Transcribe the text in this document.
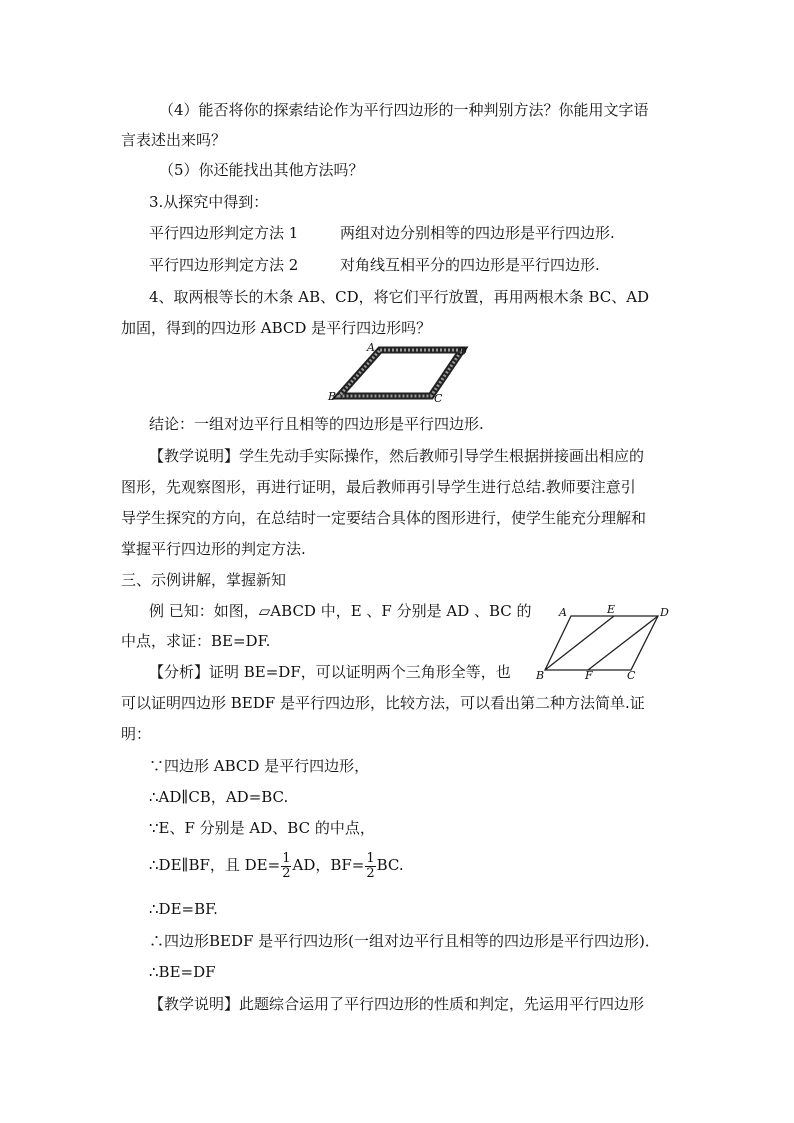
（4）能否将你的探索结论作为平行四边形的一种判别方法？你能用文字语
言表述出来吗？
（5）你还能找出其他方法吗？
3.从探究中得到：
平行四边形判定方法 1	两组对边分别相等的四边形是平行四边形.
平行四边形判定方法 2	对角线互相平分的四边形是平行四边形.
4、取两根等长的木条 AB、CD，将它们平行放置，再用两根木条 BC、AD
加固，得到的四边形 ABCD 是平行四边形吗？
A	D
B	C
结论：一组对边平行且相等的四边形是平行四边形.
【教学说明】学生先动手实际操作，然后教师引导学生根据拼接画出相应的
图形，先观察图形，再进行证明，最后教师再引导学生进行总结.教师要注意引
导学生探究的方向，在总结时一定要结合具体的图形进行，使学生能充分理解和
掌握平行四边形的判定方法.
三、示例讲解，掌握新知
例 已知：如图，▱ABCD 中，E 、F 分别是 AD 、BC 的
中点，求证：BE=DF.
A	E	D
B	F	C
【分析】证明 BE=DF，可以证明两个三角形全等，也
可以证明四边形 BEDF 是平行四边形，比较方法，可以看出第二种方法简单.证
明：
∵四边形 ABCD 是平行四边形，
∴AD∥CB，AD=BC.
∵E、F 分别是 AD、BC 的中点，
∴DE∥BF，且 $DE= \frac{1}{2}$ AD，$BF= \frac{1}{2}$ BC.
∴DE=BF.
∴四边形BEDF 是平行四边形(一组对边平行且相等的四边形是平行四边形)．
∴BE=DF
【教学说明】此题综合运用了平行四边形的性质和判定，先运用平行四边形
